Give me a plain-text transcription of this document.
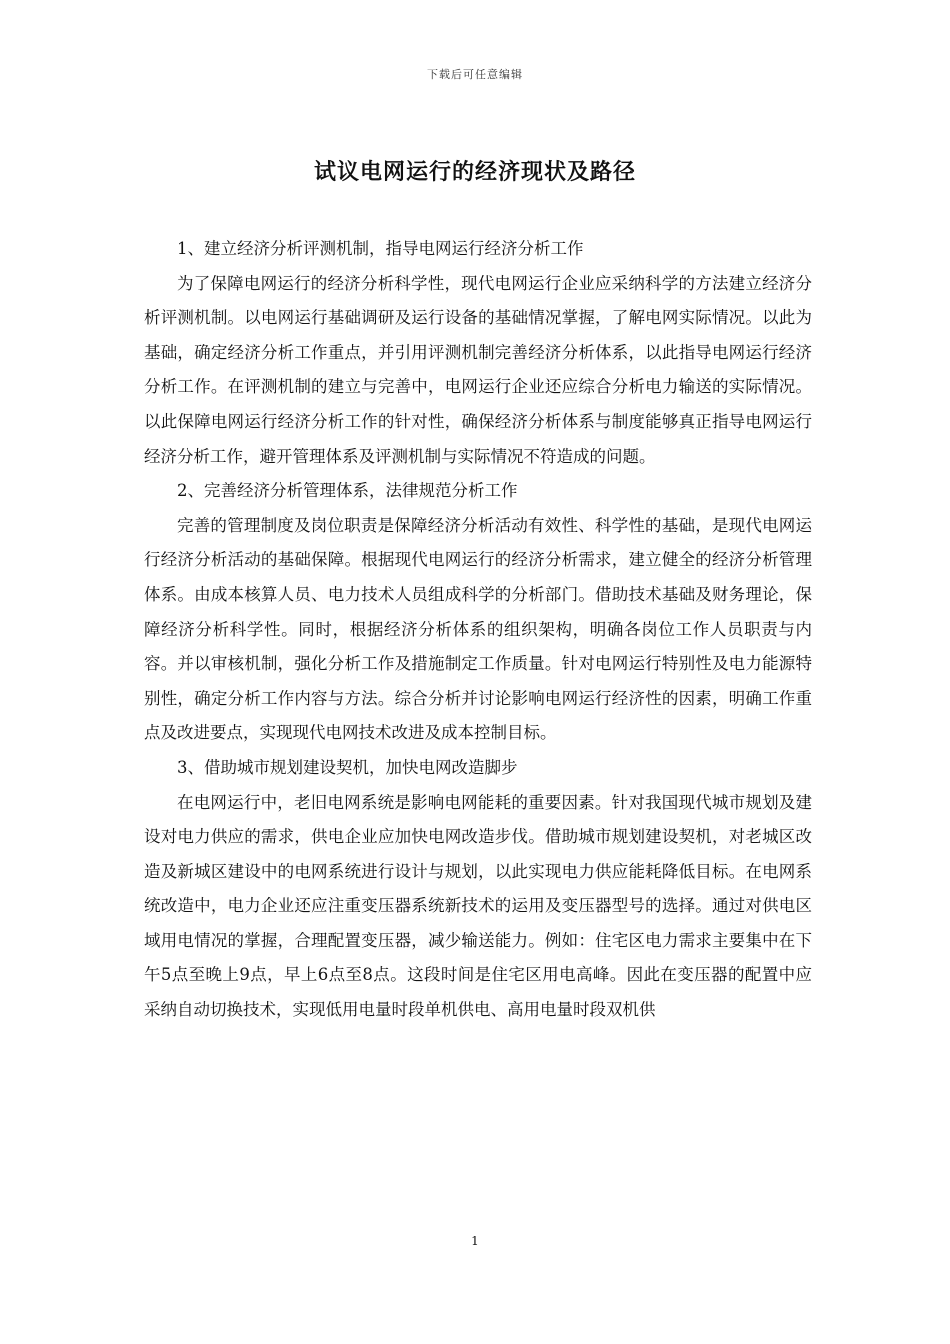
下载后可任意编辑
试议电网运行的经济现状及路径

1、建立经济分析评测机制，指导电网运行经济分析工作

为了保障电网运行的经济分析科学性，现代电网运行企业应采纳科学的方法建立经济分析评测机制。以电网运行基础调研及运行设备的基础情况掌握，了解电网实际情况。以此为基础，确定经济分析工作重点，并引用评测机制完善经济分析体系，以此指导电网运行经济分析工作。在评测机制的建立与完善中，电网运行企业还应综合分析电力输送的实际情况。以此保障电网运行经济分析工作的针对性，确保经济分析体系与制度能够真正指导电网运行经济分析工作，避开管理体系及评测机制与实际情况不符造成的问题。

2、完善经济分析管理体系，法律规范分析工作

完善的管理制度及岗位职责是保障经济分析活动有效性、科学性的基础，是现代电网运行经济分析活动的基础保障。根据现代电网运行的经济分析需求，建立健全的经济分析管理体系。由成本核算人员、电力技术人员组成科学的分析部门。借助技术基础及财务理论，保障经济分析科学性。同时，根据经济分析体系的组织架构，明确各岗位工作人员职责与内容。并以审核机制，强化分析工作及措施制定工作质量。针对电网运行特别性及电力能源特别性，确定分析工作内容与方法。综合分析并讨论影响电网运行经济性的因素，明确工作重点及改进要点，实现现代电网技术改进及成本控制目标。

3、借助城市规划建设契机，加快电网改造脚步

在电网运行中，老旧电网系统是影响电网能耗的重要因素。针对我国现代城市规划及建设对电力供应的需求，供电企业应加快电网改造步伐。借助城市规划建设契机，对老城区改造及新城区建设中的电网系统进行设计与规划，以此实现电力供应能耗降低目标。在电网系统改造中，电力企业还应注重变压器系统新技术的运用及变压器型号的选择。通过对供电区域用电情况的掌握，合理配置变压器，减少输送能力。例如：住宅区电力需求主要集中在下午5点至晚上9点，早上6点至8点。这段时间是住宅区用电高峰。因此在变压器的配置中应采纳自动切换技术，实现低用电量时段单机供电、高用电量时段双机供

1
